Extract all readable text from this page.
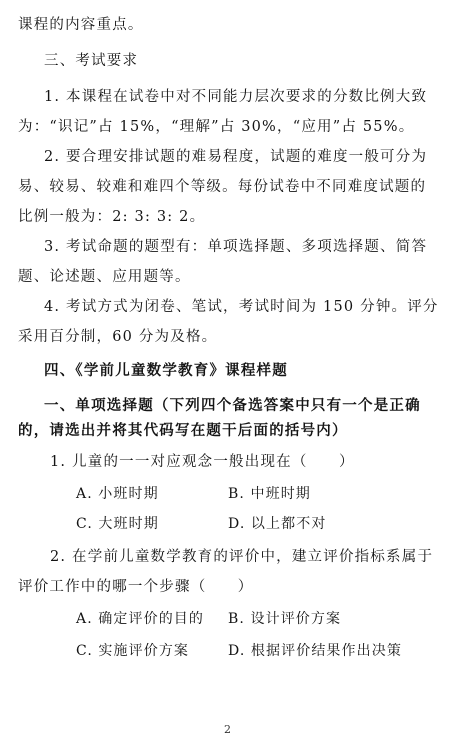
课程的内容重点。
三、考试要求
1. 本课程在试卷中对不同能力层次要求的分数比例大致
为：“识记”占 15%，“理解”占 30%，“应用”占 55%。
2. 要合理安排试题的难易程度，试题的难度一般可分为
易、较易、较难和难四个等级。每份试卷中不同难度试题的
比例一般为：2: 3: 3: 2。
3. 考试命题的题型有：单项选择题、多项选择题、简答
题、论述题、应用题等。
4. 考试方式为闭卷、笔试，考试时间为 150 分钟。评分
采用百分制，60 分为及格。
四、《学前儿童数学教育》课程样题
一、单项选择题（下列四个备选答案中只有一个是正确
的，请选出并将其代码写在题干后面的括号内）
1. 儿童的一一对应观念一般出现在（　　）
A. 小班时期	B. 中班时期
C. 大班时期	D. 以上都不对
2. 在学前儿童数学教育的评价中，建立评价指标系属于
评价工作中的哪一个步骤（　　）
A. 确定评价的目的 B. 设计评价方案
C. 实施评价方案	D. 根据评价结果作出决策
2
